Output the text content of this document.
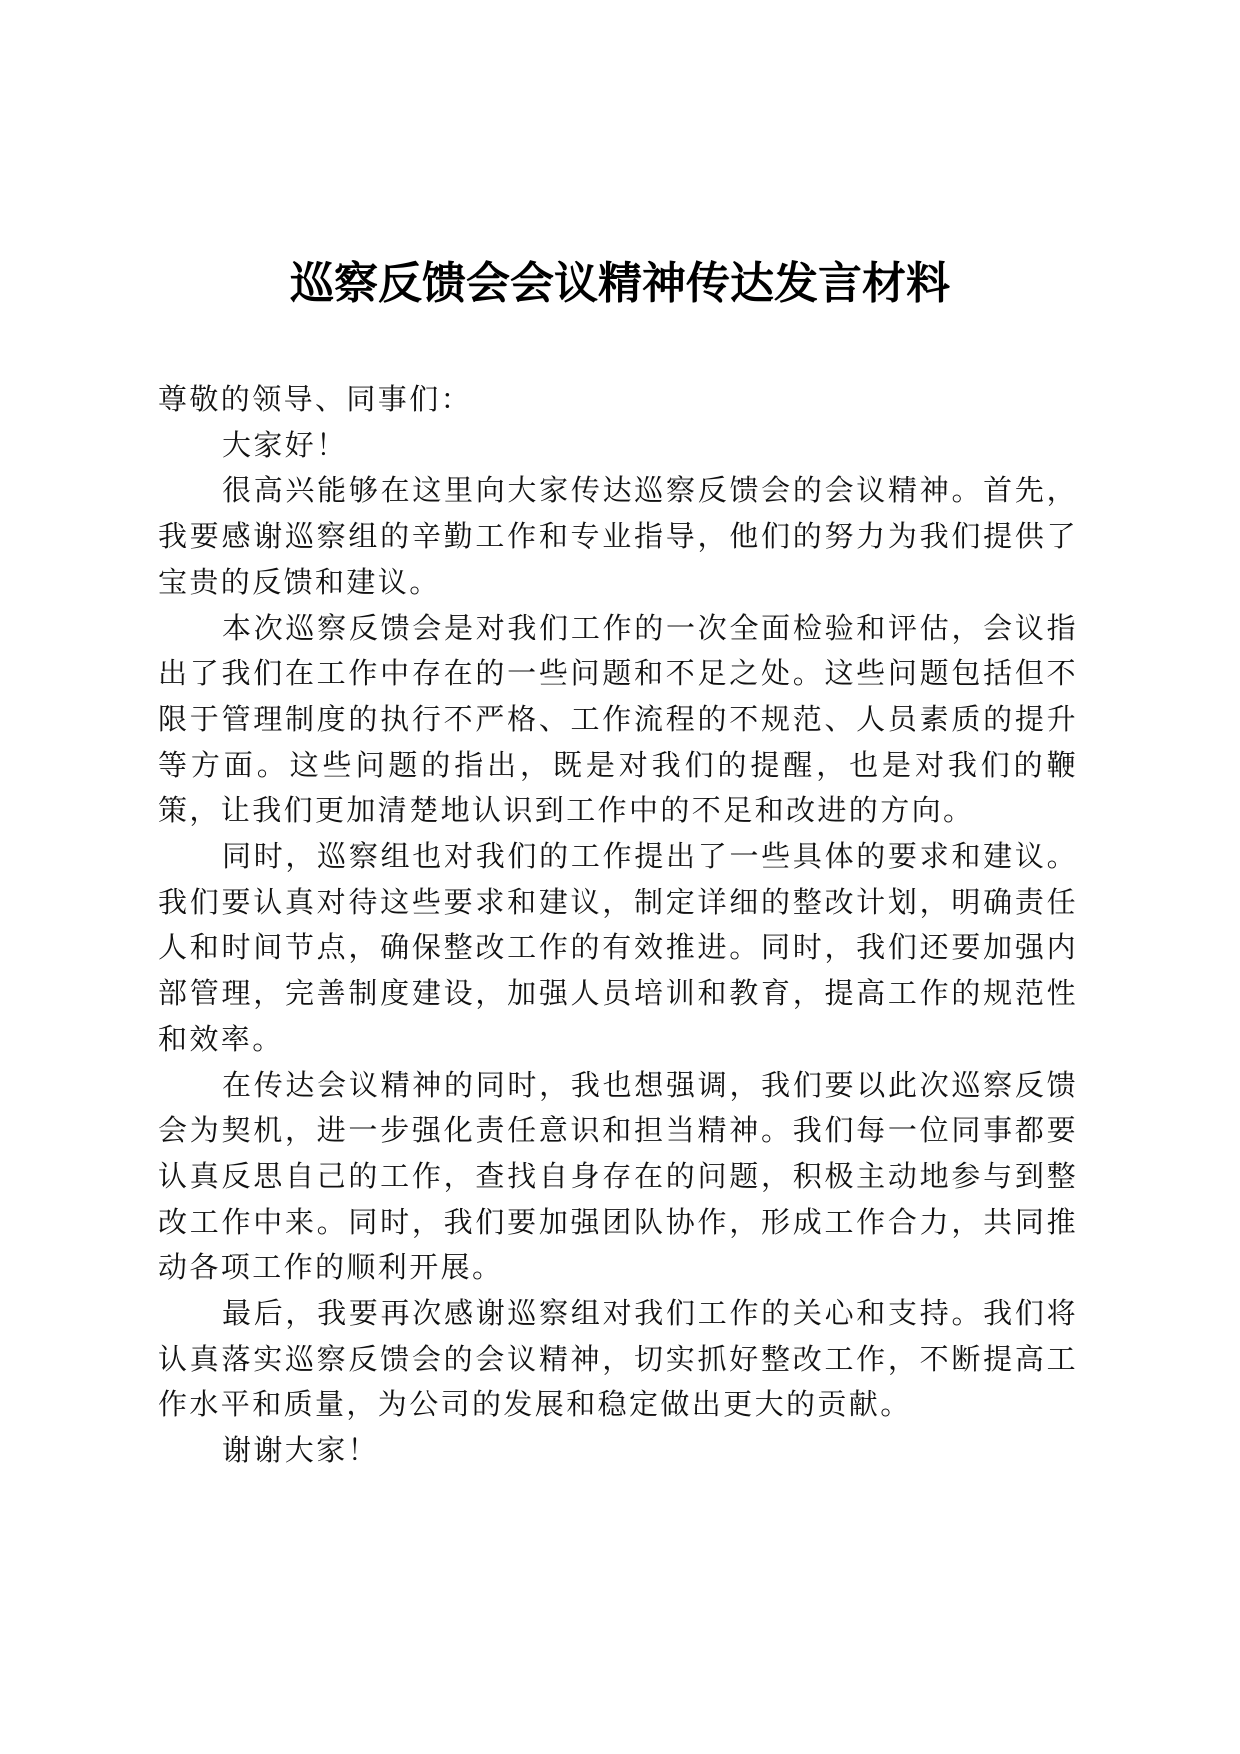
巡察反馈会会议精神传达发言材料

尊敬的领导、同事们：

大家好！

很高兴能够在这里向大家传达巡察反馈会的会议精神。首先，我要感谢巡察组的辛勤工作和专业指导，他们的努力为我们提供了宝贵的反馈和建议。

本次巡察反馈会是对我们工作的一次全面检验和评估，会议指出了我们在工作中存在的一些问题和不足之处。这些问题包括但不限于管理制度的执行不严格、工作流程的不规范、人员素质的提升等方面。这些问题的指出，既是对我们的提醒，也是对我们的鞭策，让我们更加清楚地认识到工作中的不足和改进的方向。

同时，巡察组也对我们的工作提出了一些具体的要求和建议。我们要认真对待这些要求和建议，制定详细的整改计划，明确责任人和时间节点，确保整改工作的有效推进。同时，我们还要加强内部管理，完善制度建设，加强人员培训和教育，提高工作的规范性和效率。

在传达会议精神的同时，我也想强调，我们要以此次巡察反馈会为契机，进一步强化责任意识和担当精神。我们每一位同事都要认真反思自己的工作，查找自身存在的问题，积极主动地参与到整改工作中来。同时，我们要加强团队协作，形成工作合力，共同推动各项工作的顺利开展。

最后，我要再次感谢巡察组对我们工作的关心和支持。我们将认真落实巡察反馈会的会议精神，切实抓好整改工作，不断提高工作水平和质量，为公司的发展和稳定做出更大的贡献。

谢谢大家！
